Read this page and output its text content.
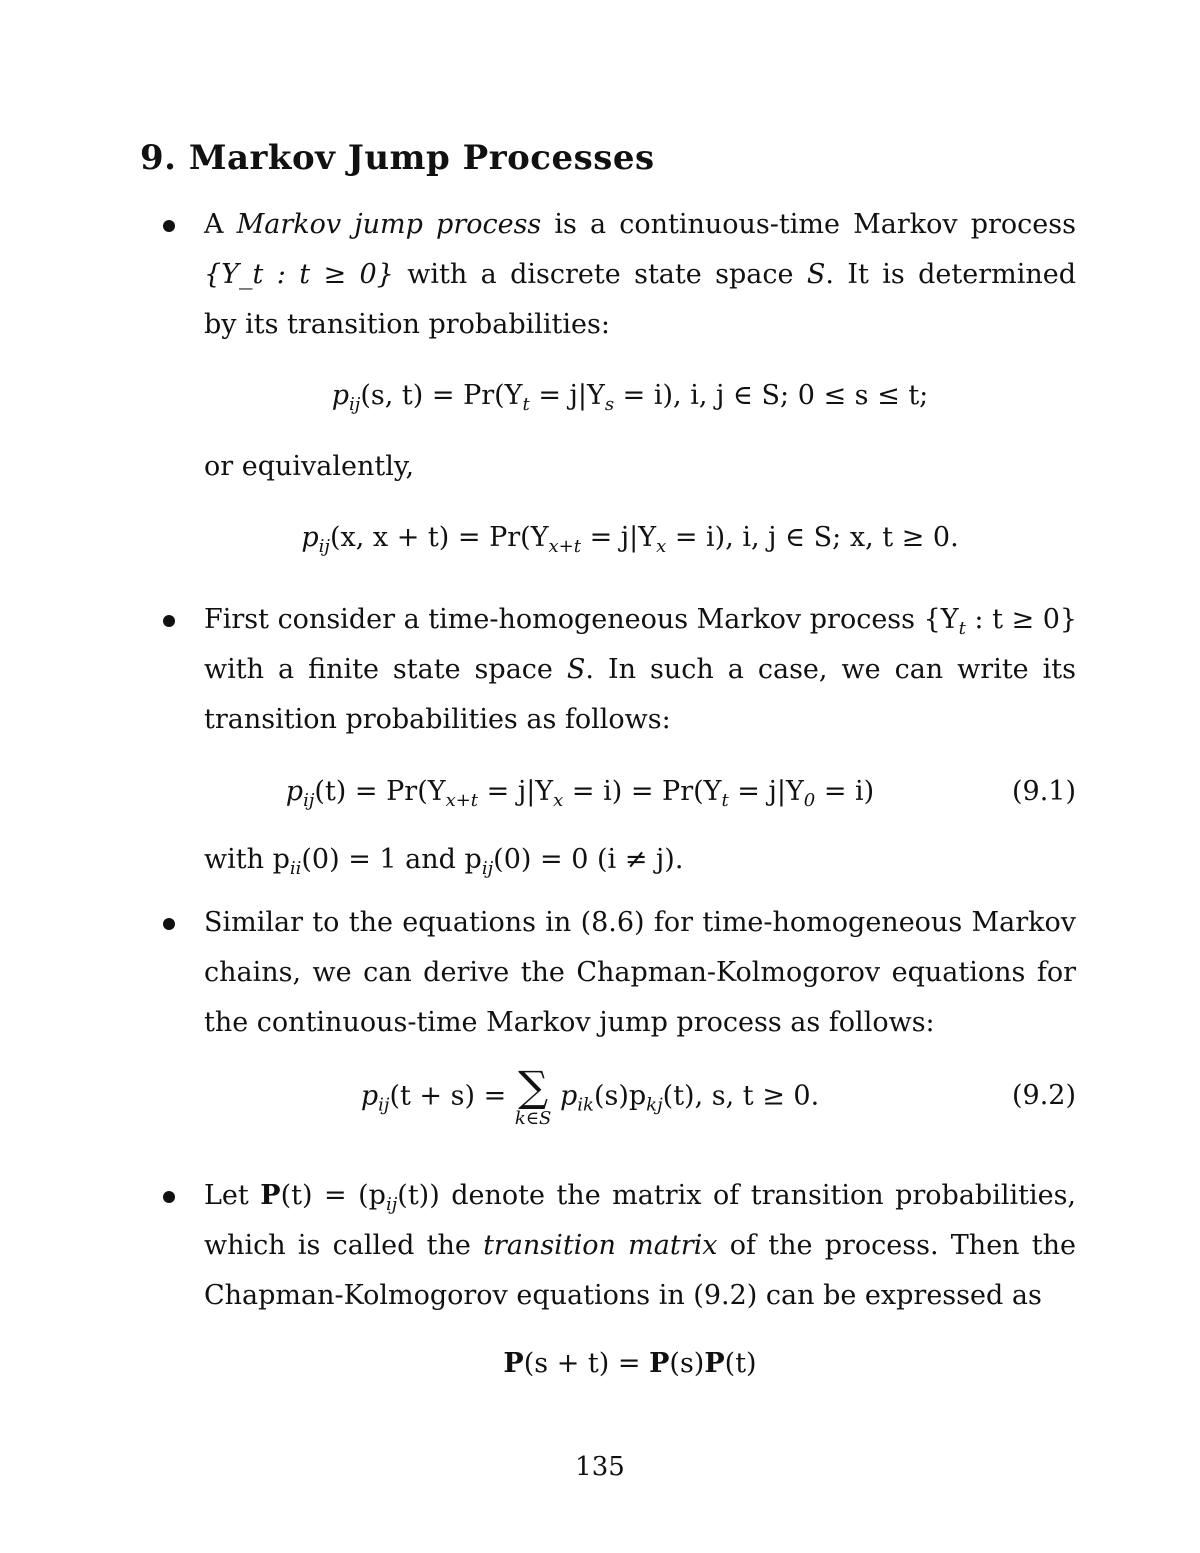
9. Markov Jump Processes
A Markov jump process is a continuous-time Markov process
{Y_t : t ≥ 0} with a discrete state space S. It is determined
by its transition probabilities:
$p_{ij}(s$, $t) = Pr(Y_t = j|Y_s = i)$, i, j ∈ S; 0 ≤ s ≤ t;
or equivalently,
$p_{ij}(x$, $x + t) = Pr(Y_{x+t} = j|Y_x = i)$, i, j ∈ S; x, t ≥ 0.
First consider a time-homogeneous Markov process {$Y_t$ : t ≥ 0}
with a finite state space S. In such a case, we can write its
transition probabilities as follows:
$p_{ij}(t) = Pr(Y_{x+t} = j|Y_x = i) = Pr(Y_t = j|Y_0 = i)$	(9.1)
with $p_{ii}(0) = 1$ and $p_{ij}(0) = 0$ (i ≠ j).
Similar to the equations in (8.6) for time-homogeneous Markov
chains, we can derive the Chapman-Kolmogorov equations for
the continuous-time Markov jump process as follows:
$p_{ij}(t + s)$ = ∑
k∈S
$p_{ik}(s)p_{kj}(t)$, s, t ≥ 0.	(9.2)
Let $P(t) = (p_{ij}(t))$ denote the matrix of transition probabilities,
which is called the transition matrix of the process. Then the
Chapman-Kolmogorov equations in (9.2) can be expressed as
P(s + t) = P(s)P(t)
135
